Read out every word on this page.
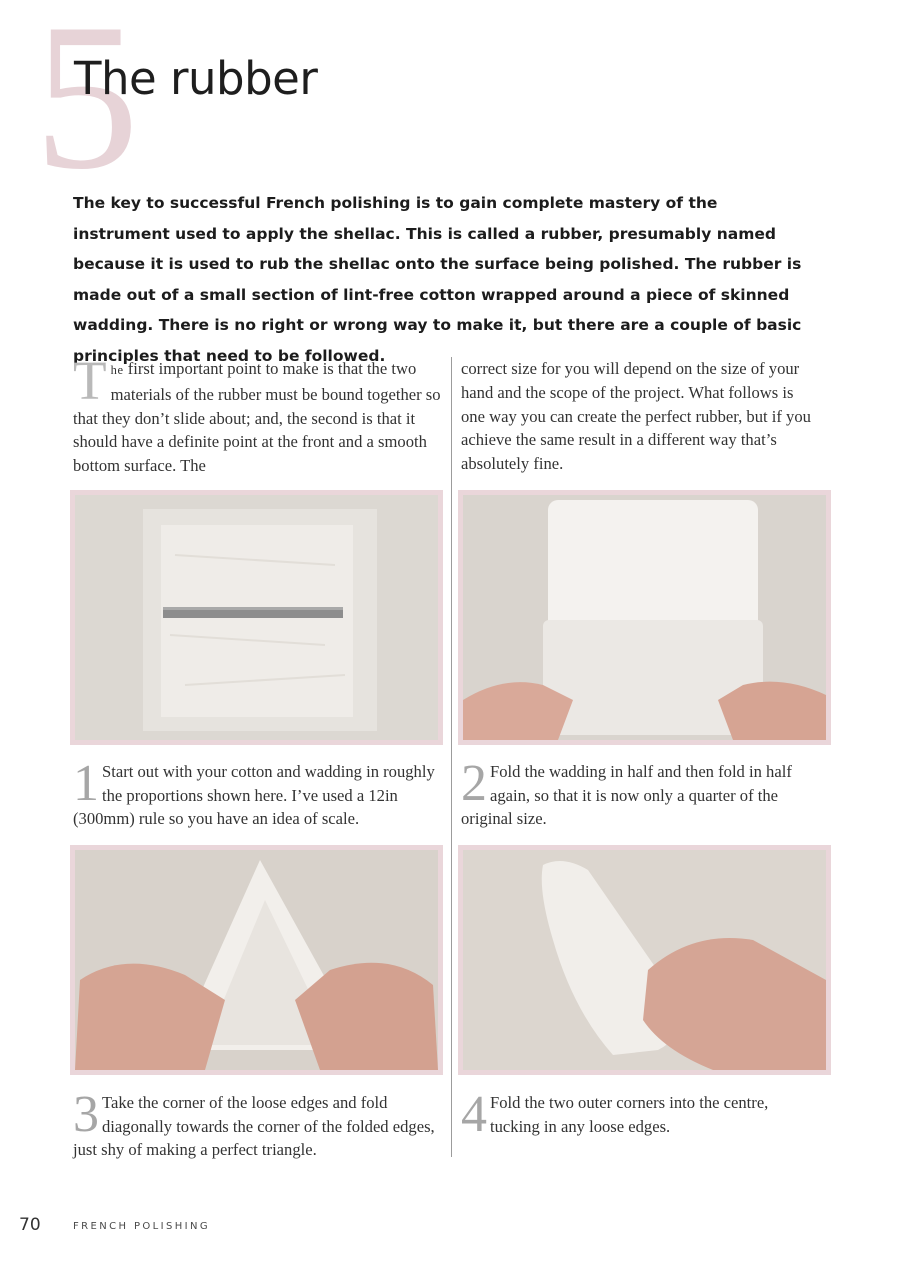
5
The rubber

The key to successful French polishing is to gain complete mastery of the instrument used to apply the shellac. This is called a rubber, presumably named because it is used to rub the shellac onto the surface being polished. The rubber is made out of a small section of lint-free cotton wrapped around a piece of skinned wadding. There is no right or wrong way to make it, but there are a couple of basic principles that need to be followed.

The first important point to make is that the two materials of the rubber must be bound together so that they don’t slide about; and, the second is that it should have a definite point at the front and a smooth bottom surface. The

correct size for you will depend on the size of your hand and the scope of the project. What follows is one way you can create the perfect rubber, but if you achieve the same result in a different way that’s absolutely fine.

1 Start out with your cotton and wadding in roughly the proportions shown here. I’ve used a 12in (300mm) rule so you have an idea of scale.

2 Fold the wadding in half and then fold in half again, so that it is now only a quarter of the original size.

3 Take the corner of the loose edges and fold diagonally towards the corner of the folded edges, just shy of making a perfect triangle.

4 Fold the two outer corners into the centre, tucking in any loose edges.

70	FRENCH POLISHING
